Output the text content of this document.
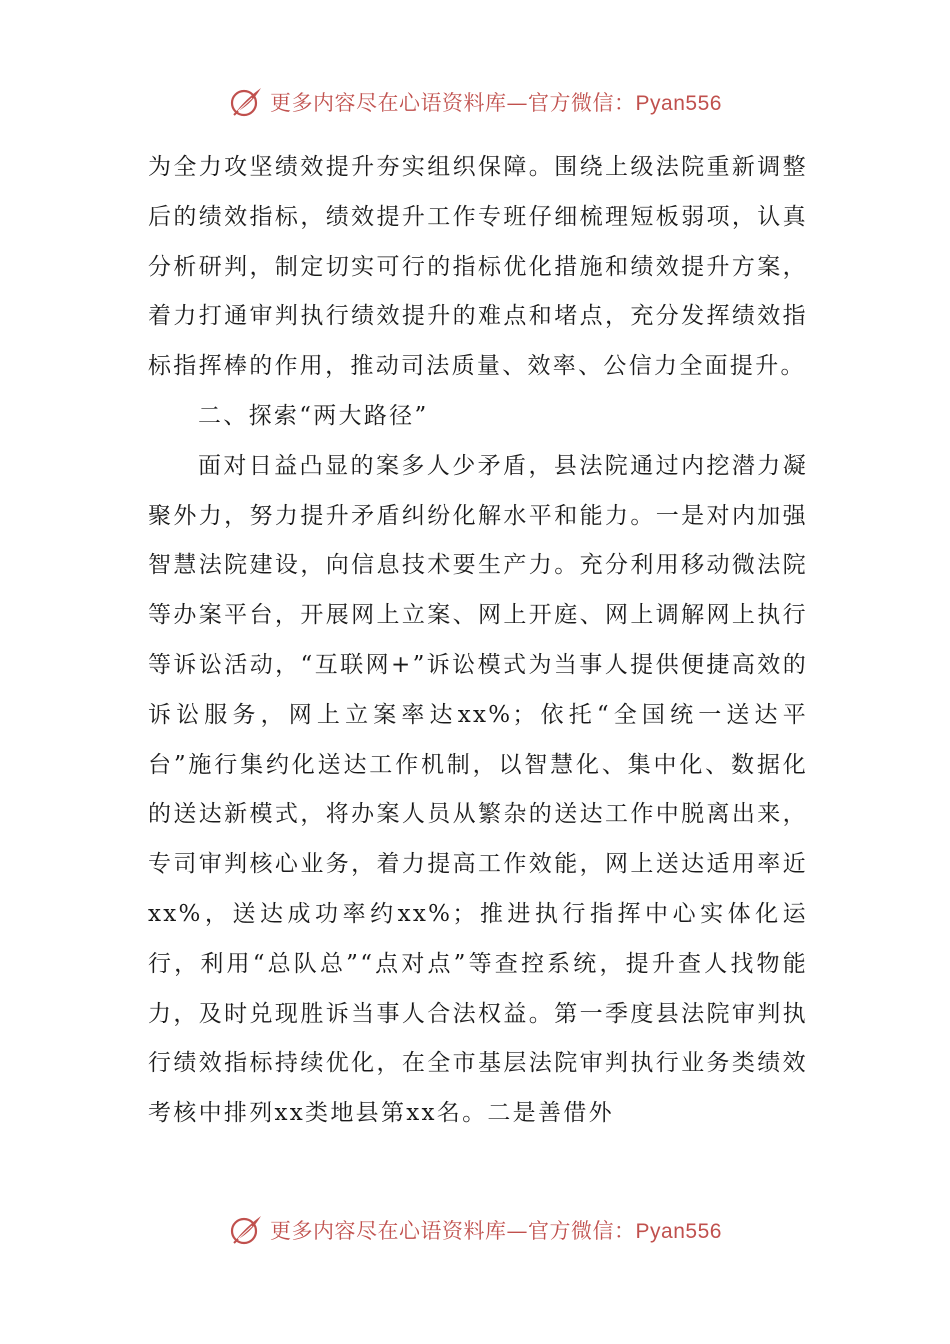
更多内容尽在心语资料库—官方微信：Pyan556

为全力攻坚绩效提升夯实组织保障。围绕上级法院重新调整后的绩效指标，绩效提升工作专班仔细梳理短板弱项，认真分析研判，制定切实可行的指标优化措施和绩效提升方案，着力打通审判执行绩效提升的难点和堵点，充分发挥绩效指标指挥棒的作用，推动司法质量、效率、公信力全面提升。

二、探索“两大路径”

面对日益凸显的案多人少矛盾，县法院通过内挖潜力凝聚外力，努力提升矛盾纠纷化解水平和能力。一是对内加强智慧法院建设，向信息技术要生产力。充分利用移动微法院等办案平台，开展网上立案、网上开庭、网上调解网上执行等诉讼活动，“互联网+”诉讼模式为当事人提供便捷高效的诉讼服务，网上立案率达xx%；依托“全国统一送达平台”施行集约化送达工作机制，以智慧化、集中化、数据化的送达新模式，将办案人员从繁杂的送达工作中脱离出来，专司审判核心业务，着力提高工作效能，网上送达适用率近xx%，送达成功率约xx%；推进执行指挥中心实体化运行，利用“总队总”“点对点”等查控系统，提升查人找物能力，及时兑现胜诉当事人合法权益。第一季度县法院审判执行绩效指标持续优化，在全市基层法院审判执行业务类绩效考核中排列xx类地县第xx名。二是善借外

更多内容尽在心语资料库—官方微信：Pyan556
